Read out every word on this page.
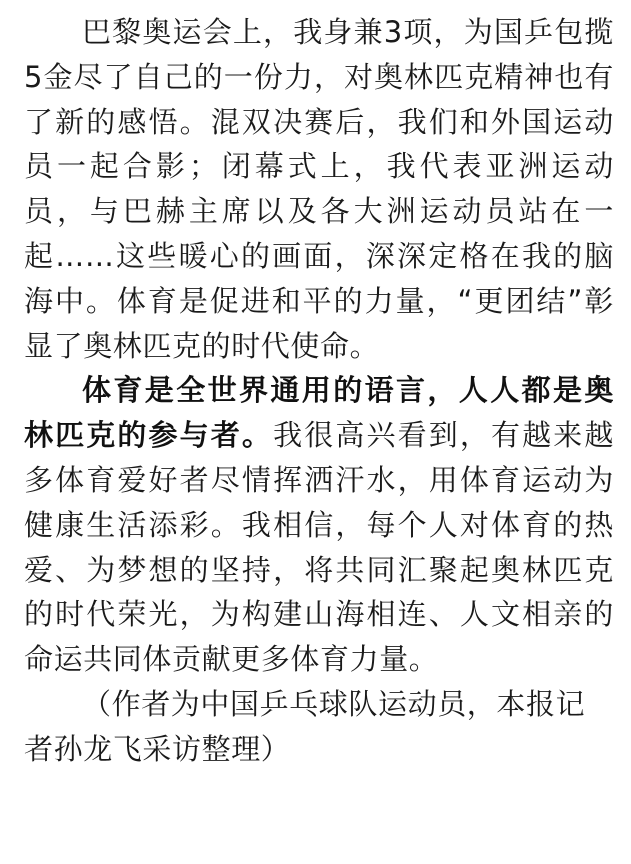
巴黎奥运会上，我身兼3项，为国乒包揽5金尽了自己的一份力，对奥林匹克精神也有了新的感悟。混双决赛后，我们和外国运动员一起合影；闭幕式上，我代表亚洲运动员，与巴赫主席以及各大洲运动员站在一起……这些暖心的画面，深深定格在我的脑海中。体育是促进和平的力量，“更团结”彰显了奥林匹克的时代使命。

体育是全世界通用的语言，人人都是奥林匹克的参与者。我很高兴看到，有越来越多体育爱好者尽情挥洒汗水，用体育运动为健康生活添彩。我相信，每个人对体育的热爱、为梦想的坚持，将共同汇聚起奥林匹克的时代荣光，为构建山海相连、人文相亲的命运共同体贡献更多体育力量。

（作者为中国乒乓球队运动员，本报记者孙龙飞采访整理）
